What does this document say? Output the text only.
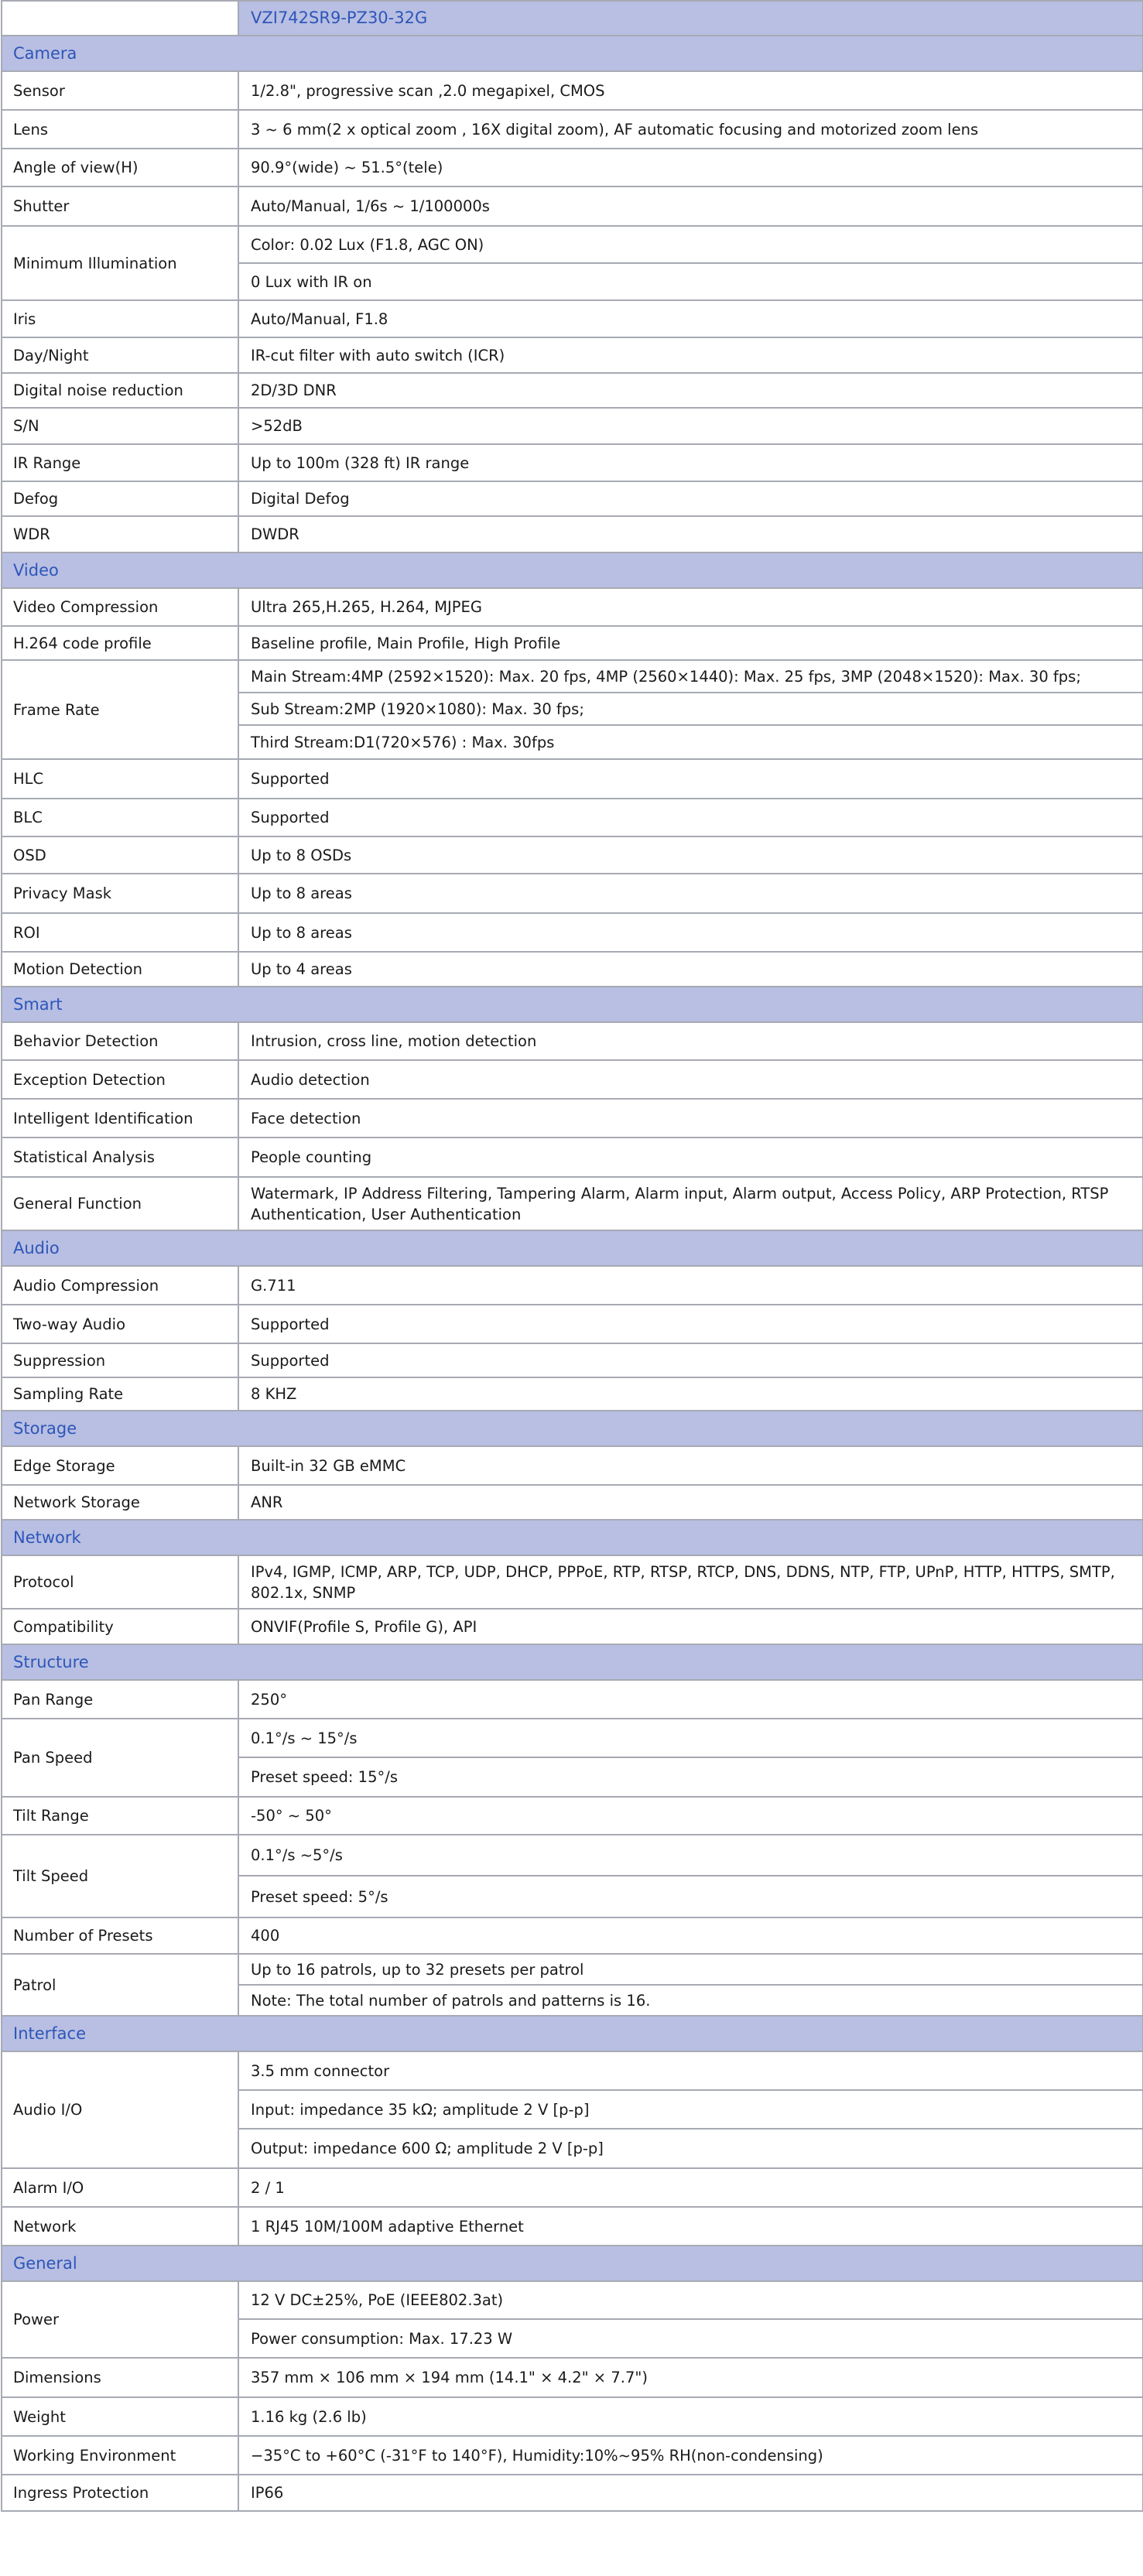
	VZI742SR9-PZ30-32G
Camera	
Sensor	1/2.8", progressive scan ,2.0 megapixel, CMOS
Lens	3 ~ 6 mm(2 x optical zoom , 16X digital zoom), AF automatic focusing and motorized zoom lens
Angle of view(H)	90.9°(wide) ~ 51.5°(tele)
Shutter	Auto/Manual, 1/6s ~ 1/100000s
Minimum Illumination	Color: 0.02 Lux (F1.8, AGC ON)
	0 Lux with IR on
Iris	Auto/Manual, F1.8
Day/Night	IR-cut filter with auto switch (ICR)
Digital noise reduction	2D/3D DNR
S/N	>52dB
IR Range	Up to 100m (328 ft) IR range
Defog	Digital Defog
WDR	DWDR
Video	
Video Compression	Ultra 265,H.265, H.264, MJPEG
H.264 code profile	Baseline profile, Main Profile, High Profile
Frame Rate	Main Stream:4MP (2592×1520): Max. 20 fps, 4MP (2560×1440): Max. 25 fps, 3MP (2048×1520): Max. 30 fps;
	Sub Stream:2MP (1920×1080): Max. 30 fps;
	Third Stream:D1(720×576) : Max. 30fps
HLC	Supported
BLC	Supported
OSD	Up to 8 OSDs
Privacy Mask	Up to 8 areas
ROI	Up to 8 areas
Motion Detection	Up to 4 areas
Smart	
Behavior Detection	Intrusion, cross line, motion detection
Exception Detection	Audio detection
Intelligent Identification	Face detection
Statistical Analysis	People counting
General Function	Watermark, IP Address Filtering, Tampering Alarm, Alarm input, Alarm output, Access Policy, ARP Protection, RTSP Authentication, User Authentication
Audio	
Audio Compression	G.711
Two-way Audio	Supported
Suppression	Supported
Sampling Rate	8 KHZ
Storage	
Edge Storage	Built-in 32 GB eMMC
Network Storage	ANR
Network	
Protocol	IPv4, IGMP, ICMP, ARP, TCP, UDP, DHCP, PPPoE, RTP, RTSP, RTCP, DNS, DDNS, NTP, FTP, UPnP, HTTP, HTTPS, SMTP, 802.1x, SNMP
Compatibility	ONVIF(Profile S, Profile G), API
Structure	
Pan Range	250°
Pan Speed	0.1°/s ~ 15°/s
	Preset speed: 15°/s
Tilt Range	-50° ~ 50°
Tilt Speed	0.1°/s ~5°/s
	Preset speed: 5°/s
Number of Presets	400
Patrol	Up to 16 patrols, up to 32 presets per patrol
	Note: The total number of patrols and patterns is 16.
Interface	
Audio I/O	3.5 mm connector
	Input: impedance 35 kΩ; amplitude 2 V [p-p]
	Output: impedance 600 Ω; amplitude 2 V [p-p]
Alarm I/O	2 / 1
Network	1 RJ45 10M/100M adaptive Ethernet
General	
Power	12 V DC±25%, PoE (IEEE802.3at)
	Power consumption: Max. 17.23 W
Dimensions	357 mm × 106 mm × 194 mm (14.1" × 4.2" × 7.7")
Weight	1.16 kg (2.6 lb)
Working Environment	−35°C to +60°C (-31°F to 140°F), Humidity:10%~95% RH(non-condensing)
Ingress Protection	IP66
